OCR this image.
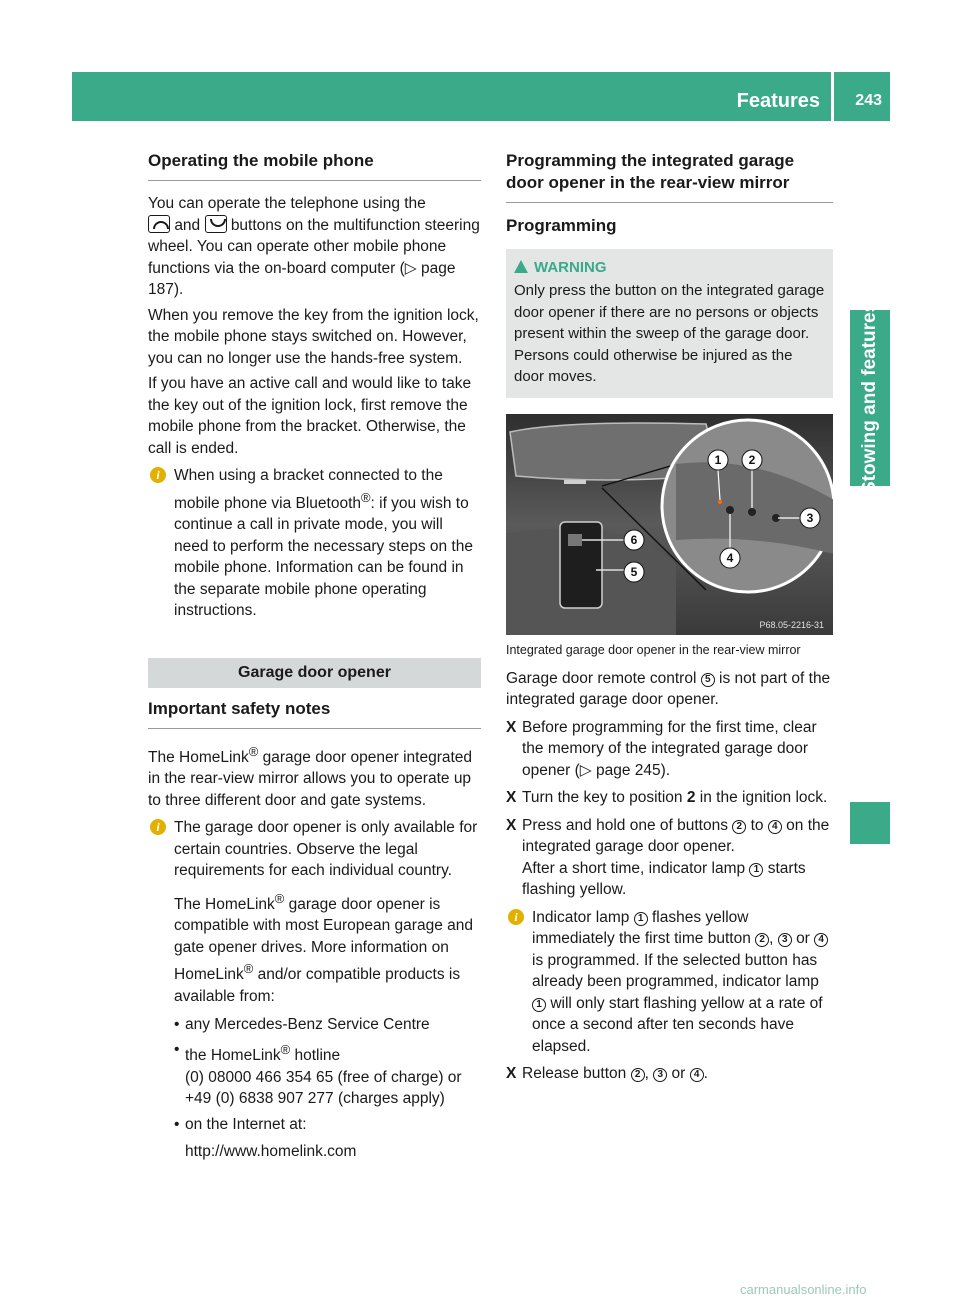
Features 243
Stowing and features
Operating the mobile phone

You can operate the telephone using the
and buttons on the multifunction steering wheel. You can operate other mobile phone functions via the on-board computer (▷ page 187).

When you remove the key from the ignition lock, the mobile phone stays switched on. However, you can no longer use the hands-free system.

If you have an active call and would like to take the key out of the ignition lock, first remove the mobile phone from the bracket. Otherwise, the call is ended.

i When using a bracket connected to the mobile phone via Bluetooth®: if you wish to continue a call in private mode, you will need to perform the necessary steps on the mobile phone. Information can be found in the separate mobile phone operating instructions.

Garage door opener
Important safety notes

The HomeLink® garage door opener integrated in the rear-view mirror allows you to operate up to three different door and gate systems.

i The garage door opener is only available for certain countries. Observe the legal requirements for each individual country.

The HomeLink® garage door opener is compatible with most European garage and gate opener drives. More information on HomeLink® and/or compatible products is available from:

• any Mercedes-Benz Service Centre
• the HomeLink® hotline
(0) 08000 466 354 65 (free of charge) or +49 (0) 6838 907 277 (charges apply)
• on the Internet at:
http://www.homelink.com
Programming the integrated garage door opener in the rear-view mirror
Programming
WARNING

Only press the button on the integrated garage door opener if there are no persons or objects present within the sweep of the garage door. Persons could otherwise be injured as the door moves.

1 2
3
4
5
6
P68.05-2216-31

Integrated garage door opener in the rear-view mirror

Garage door remote control 5 is not part of the integrated garage door opener.

X Before programming for the first time, clear the memory of the integrated garage door opener (▷ page 245).
X Turn the key to position 2 in the ignition lock.
X Press and hold one of buttons 2 to 4 on the integrated garage door opener.
After a short time, indicator lamp 1 starts flashing yellow.

i Indicator lamp 1 flashes yellow immediately the first time button 2 , 3 or 4 is programmed. If the selected button has already been programmed, indicator lamp 1 will only start flashing yellow at a rate of once a second after ten seconds have elapsed.

X Release button 2 , 3 or 4 .
carmanualsonline.info
